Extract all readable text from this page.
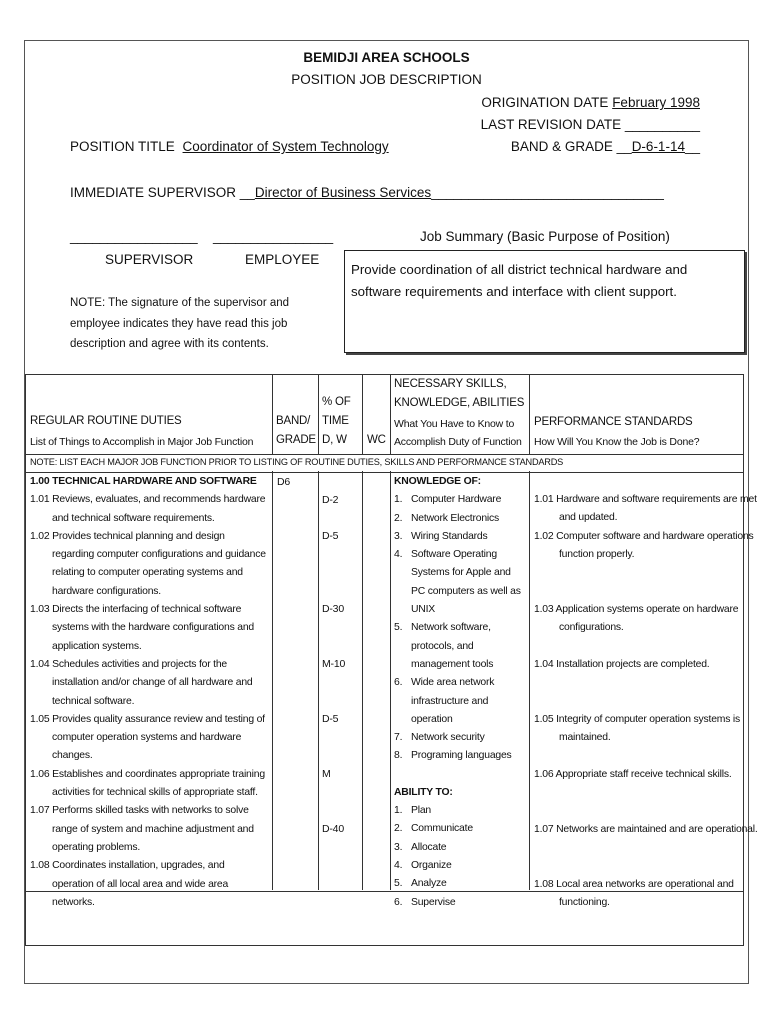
BEMIDJI AREA SCHOOLS
POSITION JOB DESCRIPTION
ORIGINATION DATE February 1998
LAST REVISION DATE __________
BAND & GRADE __D-6-1-14__
POSITION TITLE Coordinator of System Technology
IMMEDIATE SUPERVISOR __Director of Business Services_______________________________
_________________ ________________
SUPERVISOR	EMPLOYEE
NOTE: The signature of the supervisor and employee indicates they have read this job description and agree with its contents.
Job Summary (Basic Purpose of Position)
Provide coordination of all district technical hardware and software requirements and interface with client support.
REGULAR ROUTINE DUTIES
List of Things to Accomplish in Major Job Function
BAND/
GRADE
% OF
TIME
D, W WC
NECESSARY SKILLS,
KNOWLEDGE, ABILITIES
What You Have to Know to
Accomplish Duty of Function
PERFORMANCE STANDARDS
How Will You Know the Job is Done?
NOTE: LIST EACH MAJOR JOB FUNCTION PRIOR TO LISTING OF ROUTINE DUTIES, SKILLS AND PERFORMANCE STANDARDS
1.00 TECHNICAL HARDWARE AND SOFTWARE
1.01 Reviews, evaluates, and recommends hardware and technical software requirements.
1.02 Provides technical planning and design regarding computer configurations and guidance relating to computer operating systems and hardware configurations.
1.03 Directs the interfacing of technical software systems with the hardware configurations and application systems.
1.04 Schedules activities and projects for the installation and/or change of all hardware and technical software.
1.05 Provides quality assurance review and testing of computer operation systems and hardware changes.
1.06 Establishes and coordinates appropriate training activities for technical skills of appropriate staff.
1.07 Performs skilled tasks with networks to solve range of system and machine adjustment and operating problems.
1.08 Coordinates installation, upgrades, and operation of all local area and wide area networks.
D6
D-2
D-5
D-30
M-10
D-5
M
D-40
KNOWLEDGE OF:
1. Computer Hardware
2. Network Electronics
3. Wiring Standards
4. Software Operating Systems for Apple and PC computers as well as UNIX
5. Network software, protocols, and management tools
6. Wide area network infrastructure and operation
7. Network security
8. Programing languages
ABILITY TO:
1. Plan
2. Communicate
3. Allocate
4. Organize
5. Analyze
6. Supervise
1.01 Hardware and software requirements are met and updated.
1.02 Computer software and hardware operations function properly.
1.03 Application systems operate on hardware configurations.
1.04 Installation projects are completed.
1.05 Integrity of computer operation systems is maintained.
1.06 Appropriate staff receive technical skills.
1.07 Networks are maintained and are operational.
1.08 Local area networks are operational and functioning.
